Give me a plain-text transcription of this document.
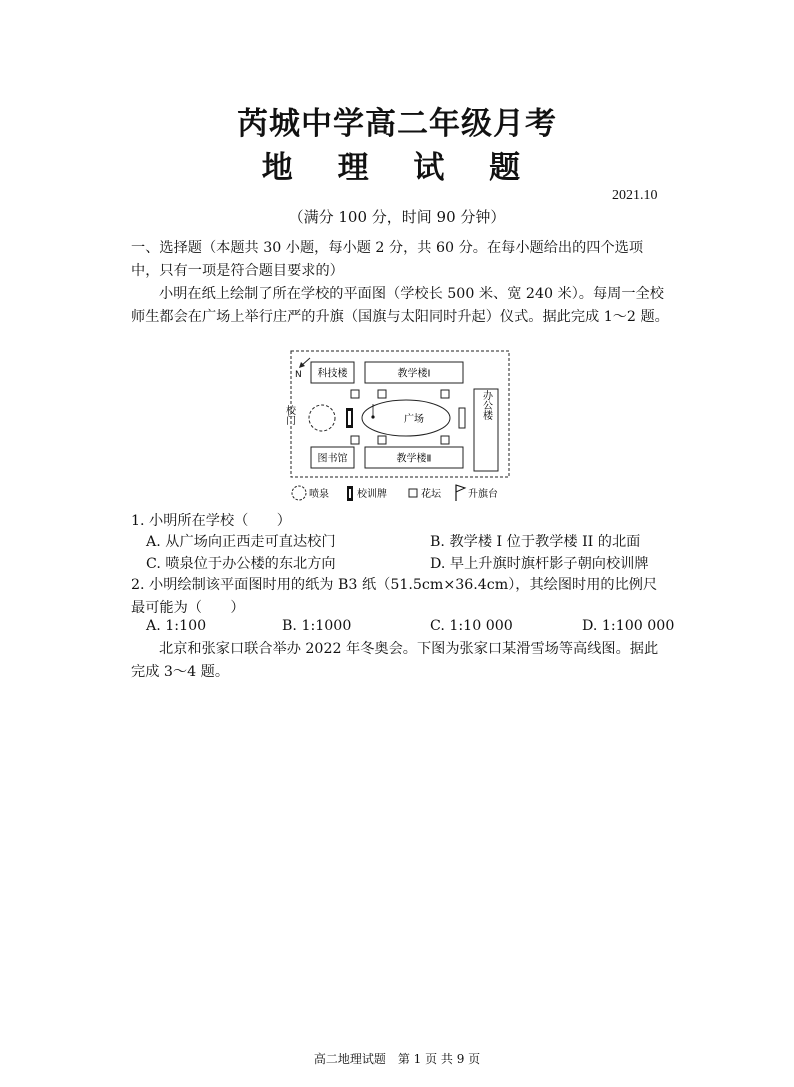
芮城中学高二年级月考
地 理 试 题
2021.10
（满分 100 分，时间 90 分钟）
一、选择题（本题共 30 小题，每小题 2 分，共 60 分。在每小题给出的四个选项中，只有一项是符合题目要求的）
小明在纸上绘制了所在学校的平面图（学校长 500 米、宽 240 米）。每周一全校师生都会在广场上举行庄严的升旗（国旗与太阳同时升起）仪式。据此完成 1～2 题。
N 科技楼	教学楼Ⅰ
图书馆	教学楼Ⅱ
办公楼
校门	广场
喷泉	校训牌	花坛	升旗台
1. 小明所在学校（　　）
A. 从广场向正西走可直达校门	B. 教学楼 I 位于教学楼 II 的北面
C. 喷泉位于办公楼的东北方向	D. 早上升旗时旗杆影子朝向校训牌
2. 小明绘制该平面图时用的纸为 B3 纸（51.5cm×36.4cm），其绘图时用的比例尺最可能为（　　）
A. 1:100	B. 1:1000	C. 1:10 000	D. 1:100 000
北京和张家口联合举办 2022 年冬奥会。下图为张家口某滑雪场等高线图。据此完成 3～4 题。
高二地理试题　第 1 页 共 9 页
